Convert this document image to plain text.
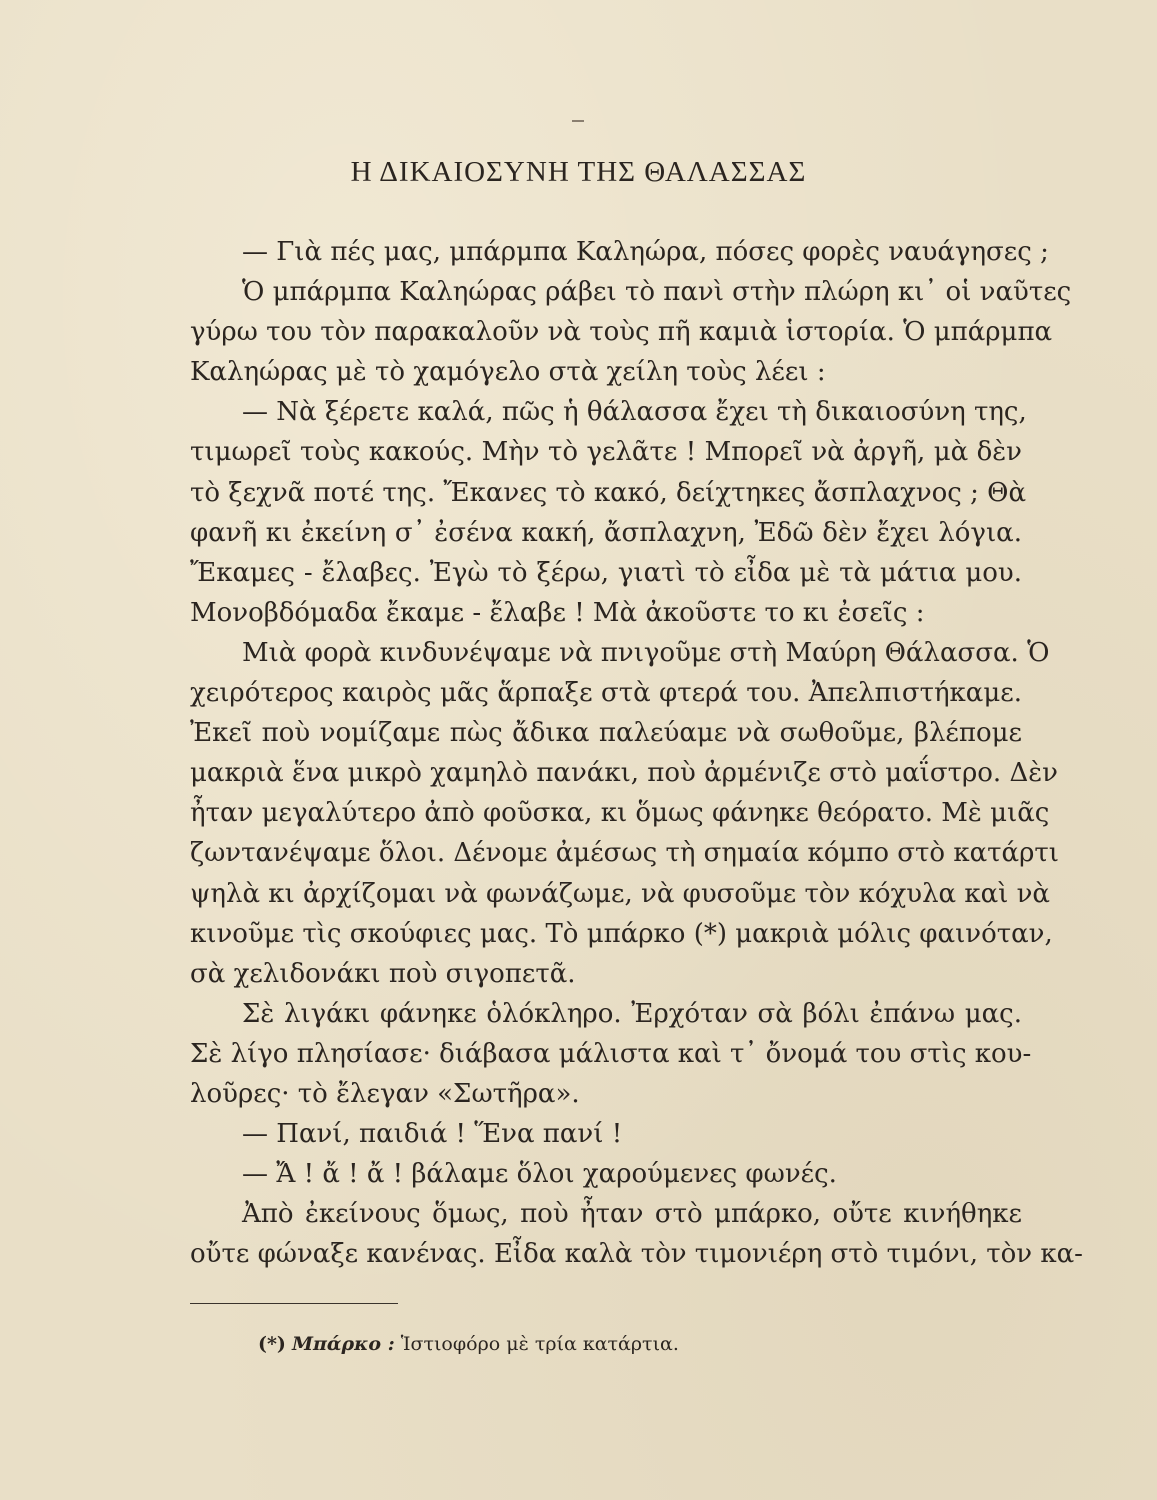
Η ΔΙΚΑΙΟΣΥΝΗ ΤΗΣ ΘΑΛΑΣΣΑΣ
— Γιὰ πές μας, μπάρμπα Καληώρα, πόσες φορὲς ναυάγησες ;
Ὁ μπάρμπα Καληώρας ράβει τὸ πανὶ στὴν πλώρη κι᾿ οἱ ναῦτες
γύρω του τὸν παρακαλοῦν νὰ τοὺς πῆ καμιὰ ἱστορία. Ὁ μπάρμπα
Καληώρας μὲ τὸ χαμόγελο στὰ χείλη τοὺς λέει :
— Νὰ ξέρετε καλά, πῶς ἡ θάλασσα ἔχει τὴ δικαιοσύνη της,
τιμωρεῖ τοὺς κακούς. Μὴν τὸ γελᾶτε ! Μπορεῖ νὰ ἀργῆ, μὰ δὲν
τὸ ξεχνᾶ ποτέ της. Ἔκανες τὸ κακό, δείχτηκες ἄσπλαχνος ; Θὰ
φανῆ κι ἐκείνη σ᾿ ἐσένα κακή, ἄσπλαχνη, Ἐδῶ δὲν ἔχει λόγια.
Ἔκαμες - ἔλαβες. Ἐγὼ τὸ ξέρω, γιατὶ τὸ εἶδα μὲ τὰ μάτια μου.
Μονοβδόμαδα ἔκαμε - ἔλαβε ! Μὰ ἀκοῦστε το κι ἐσεῖς :
Μιὰ φορὰ κινδυνέψαμε νὰ πνιγοῦμε στὴ Μαύρη Θάλασσα. Ὁ
χειρότερος καιρὸς μᾶς ἅρπαξε στὰ φτερά του. Ἀπελπιστήκαμε.
Ἐκεῖ ποὺ νομίζαμε πὼς ἄδικα παλεύαμε νὰ σωθοῦμε, βλέπομε
μακριὰ ἕνα μικρὸ χαμηλὸ πανάκι, ποὺ ἀρμένιζε στὸ μαΐστρο. Δὲν
ἦταν μεγαλύτερο ἀπὸ φοῦσκα, κι ὅμως φάνηκε θεόρατο. Μὲ μιᾶς
ζωντανέψαμε ὅλοι. Δένομε ἀμέσως τὴ σημαία κόμπο στὸ κατάρτι
ψηλὰ κι ἀρχίζομαι νὰ φωνάζωμε, νὰ φυσοῦμε τὸν κόχυλα καὶ νὰ
κινοῦμε τὶς σκούφιες μας. Τὸ μπάρκο (*) μακριὰ μόλις φαινόταν,
σὰ χελιδονάκι ποὺ σιγοπετᾶ.
Σὲ λιγάκι φάνηκε ὁλόκληρο. Ἐρχόταν σὰ βόλι ἐπάνω μας.
Σὲ λίγο πλησίασε· διάβασα μάλιστα καὶ τ᾿ ὄνομά του στὶς κου-
λοῦρες· τὸ ἔλεγαν «Σωτῆρα».
— Πανί, παιδιά ! Ἕνα πανί !
— Ἄ ! ἄ ! ἄ ! βάλαμε ὅλοι χαρούμενες φωνές.
Ἀπὸ ἐκείνους ὅμως, ποὺ ἦταν στὸ μπάρκο, οὔτε κινήθηκε
οὔτε φώναξε κανένας. Εἶδα καλὰ τὸν τιμονιέρη στὸ τιμόνι, τὸν κα-
(*) Μπάρκο : Ἱστιοφόρο μὲ τρία κατάρτια.
